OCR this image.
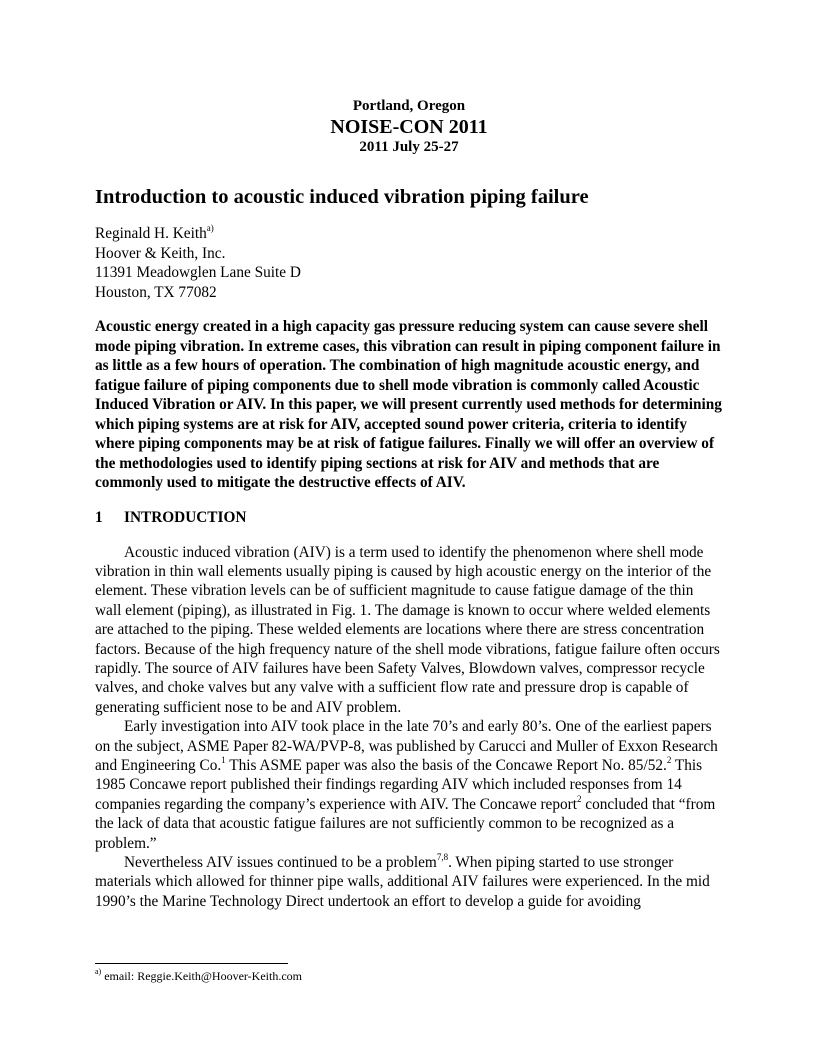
Portland, Oregon
NOISE-CON 2011
2011 July 25-27
Introduction to acoustic induced vibration piping failure
Reginald H. Keith$^{a)}$
Hoover & Keith, Inc.
11391 Meadowglen Lane Suite D
Houston, TX 77082
Acoustic energy created in a high capacity gas pressure reducing system can cause severe shell mode piping vibration. In extreme cases, this vibration can result in piping component failure in as little as a few hours of operation. The combination of high magnitude acoustic energy, and fatigue failure of piping components due to shell mode vibration is commonly called Acoustic Induced Vibration or AIV. In this paper, we will present currently used methods for determining which piping systems are at risk for AIV, accepted sound power criteria, criteria to identify where piping components may be at risk of fatigue failures. Finally we will offer an overview of the methodologies used to identify piping sections at risk for AIV and methods that are commonly used to mitigate the destructive effects of AIV.
1 INTRODUCTION

Acoustic induced vibration (AIV) is a term used to identify the phenomenon where shell mode vibration in thin wall elements usually piping is caused by high acoustic energy on the interior of the element. These vibration levels can be of sufficient magnitude to cause fatigue damage of the thin wall element (piping), as illustrated in Fig. 1. The damage is known to occur where welded elements are attached to the piping. These welded elements are locations where there are stress concentration factors. Because of the high frequency nature of the shell mode vibrations, fatigue failure often occurs rapidly. The source of AIV failures have been Safety Valves, Blowdown valves, compressor recycle valves, and choke valves but any valve with a sufficient flow rate and pressure drop is capable of generating sufficient nose to be and AIV problem.

Early investigation into AIV took place in the late 70’s and early 80’s. One of the earliest papers on the subject, ASME Paper 82-WA/PVP-8, was published by Carucci and Muller of Exxon Research and Engineering Co.$^1$ This ASME paper was also the basis of the Concawe Report No. 85/52.$^2$ This 1985 Concawe report published their findings regarding AIV which included responses from 14 companies regarding the company’s experience with AIV. The Concawe report$^2$ concluded that “from the lack of data that acoustic fatigue failures are not sufficiently common to be recognized as a problem.”

Nevertheless AIV issues continued to be a problem$^{7,8}$. When piping started to use stronger materials which allowed for thinner pipe walls, additional AIV failures were experienced. In the mid 1990’s the Marine Technology Direct undertook an effort to develop a guide for avoiding

$^{a)}$ email: Reggie.Keith@Hoover-Keith.com
